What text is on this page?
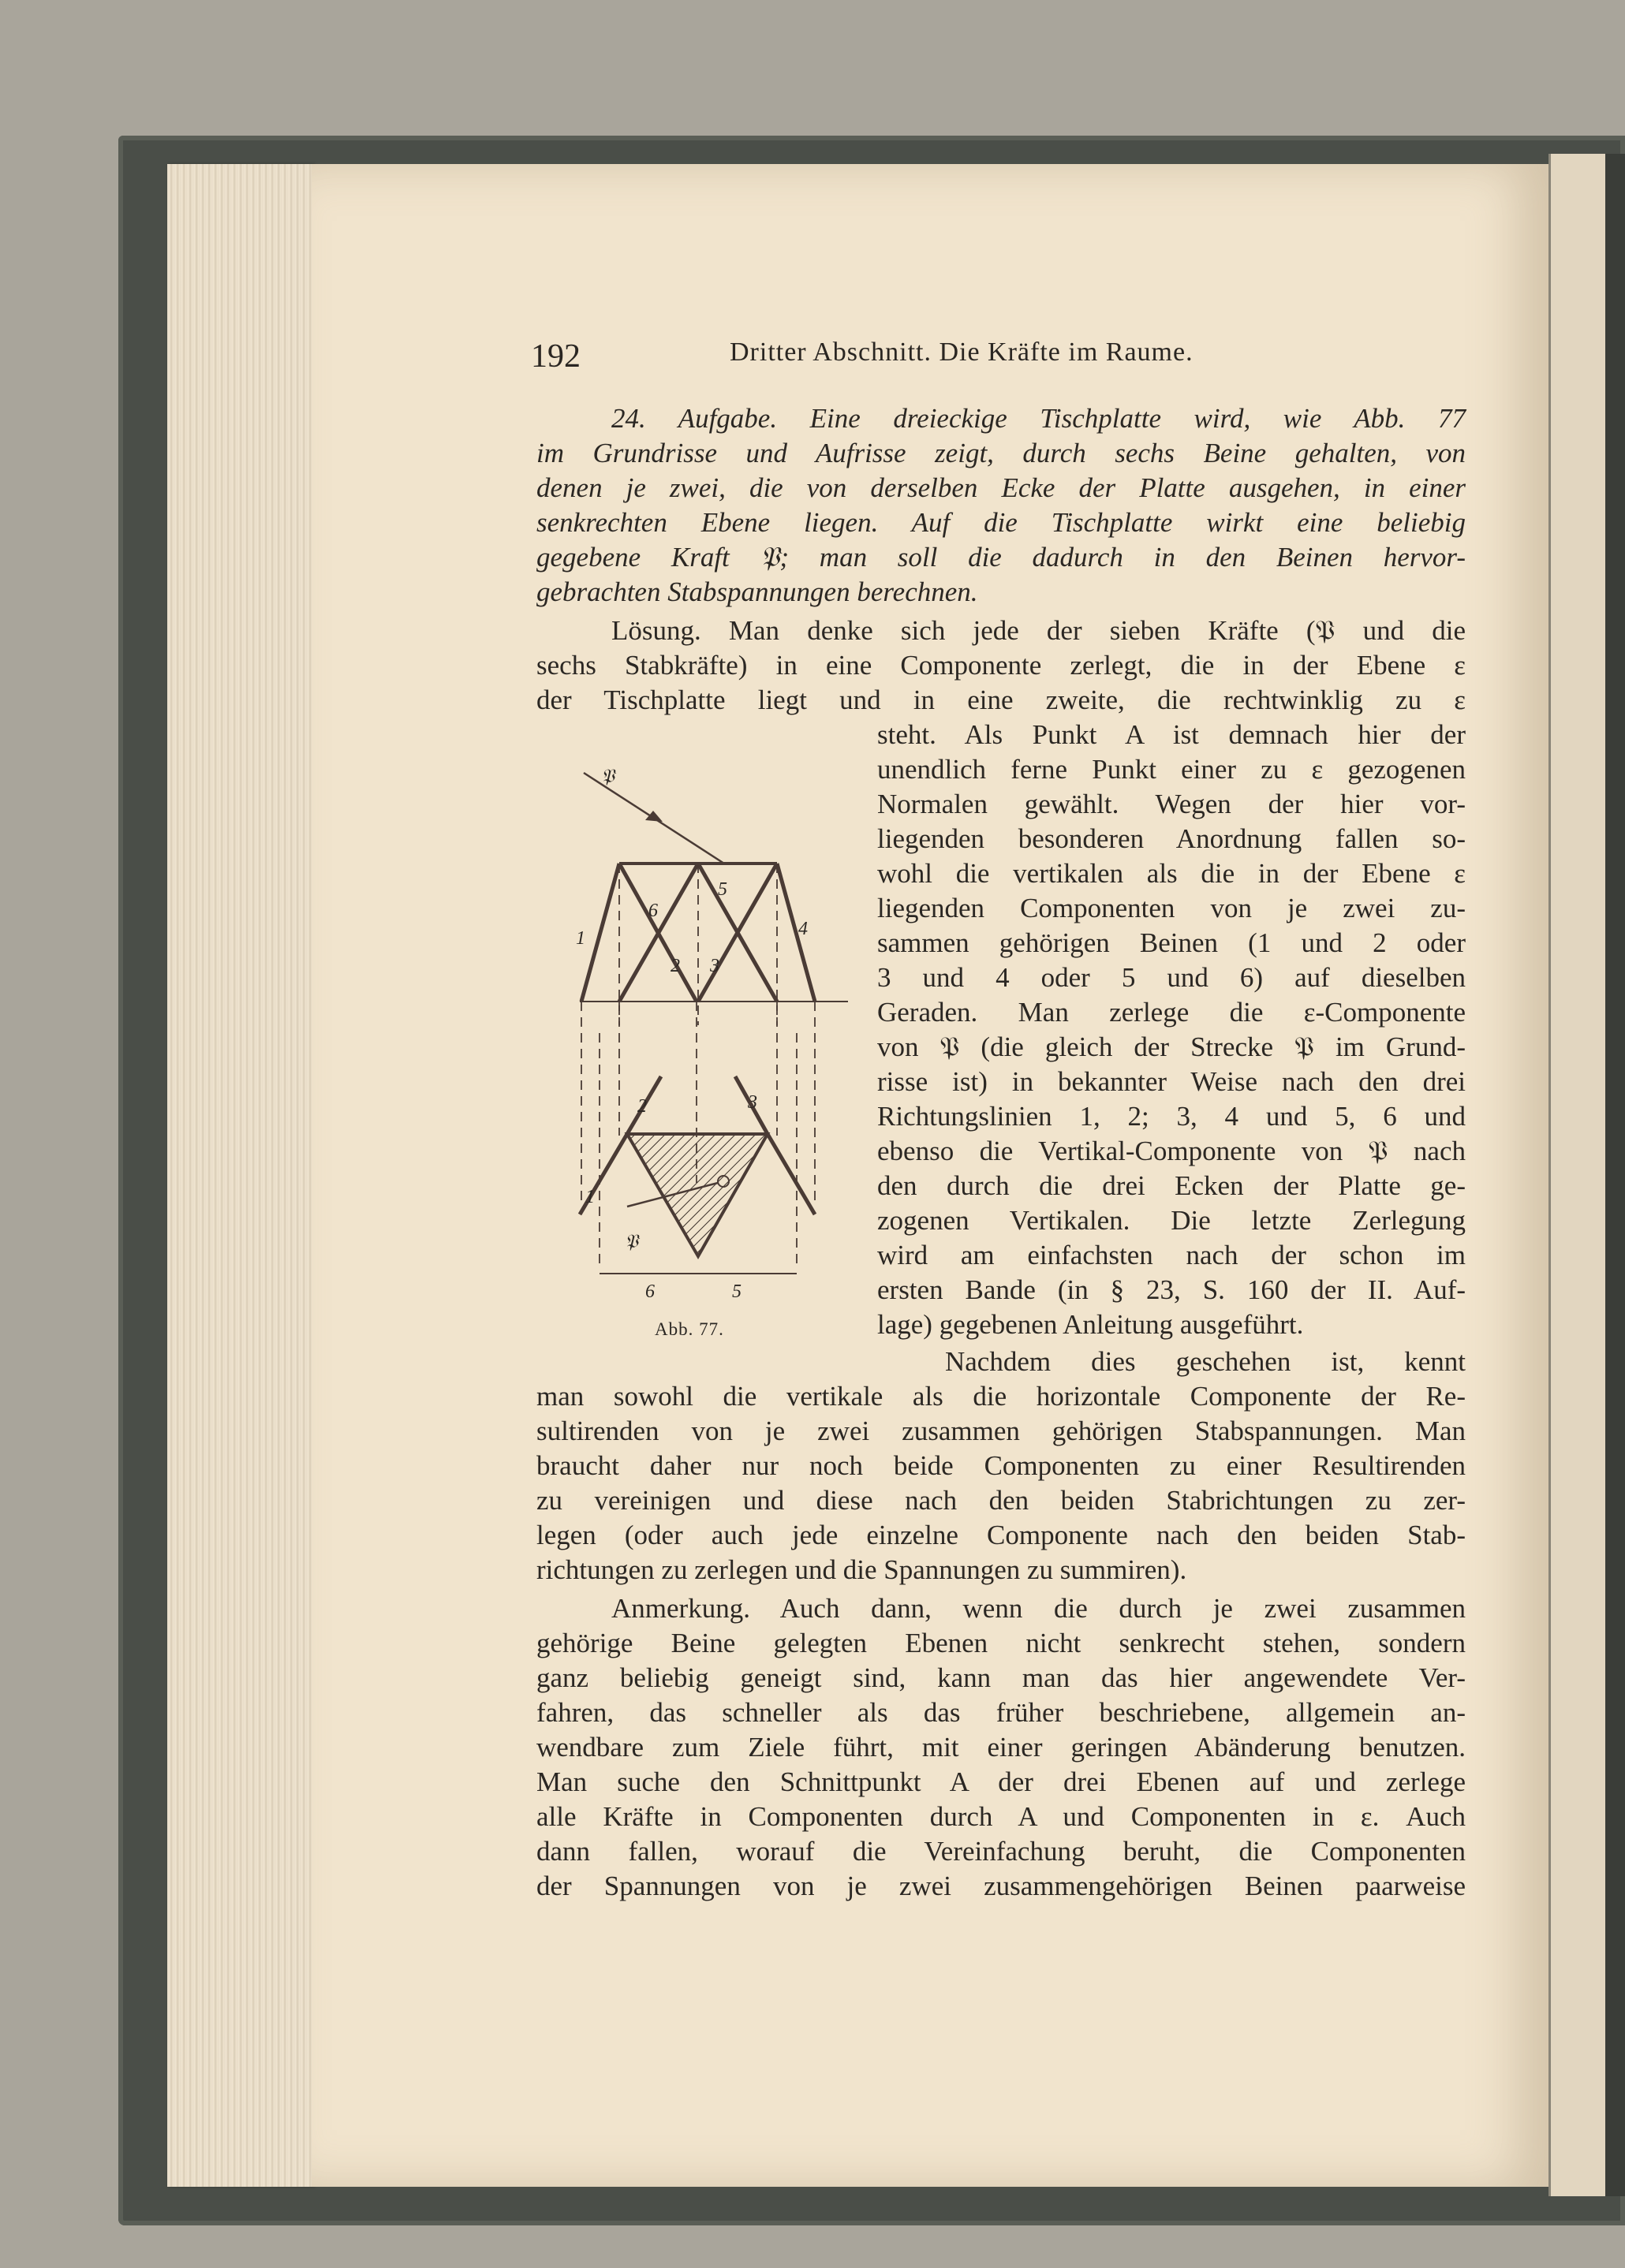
192	Dritter Abschnitt. Die Kräfte im Raume.
24. Aufgabe. Eine dreieckige Tischplatte wird, wie Abb. 77
im Grundrisse und Aufrisse zeigt, durch sechs Beine gehalten, von
denen je zwei, die von derselben Ecke der Platte ausgehen, in einer
senkrechten Ebene liegen. Auf die Tischplatte wirkt eine beliebig
gegebene Kraft 𝔓; man soll die dadurch in den Beinen hervor-
gebrachten Stabspannungen berechnen.
Lösung. Man denke sich jede der sieben Kräfte (𝔓 und die
sechs Stabkräfte) in eine Componente zerlegt, die in der Ebene ε
der Tischplatte liegt und in eine zweite, die rechtwinklig zu ε
steht. Als Punkt A ist demnach hier der
unendlich ferne Punkt einer zu ε gezogenen
Normalen gewählt. Wegen der hier vor-
liegenden besonderen Anordnung fallen so-
wohl die vertikalen als die in der Ebene ε
liegenden Componenten von je zwei zu-
sammen gehörigen Beinen (1 und 2 oder
3 und 4 oder 5 und 6) auf dieselben
Geraden. Man zerlege die ε-Componente
von 𝔓 (die gleich der Strecke 𝔓 im Grund-
risse ist) in bekannter Weise nach den drei
Richtungslinien 1, 2; 3, 4 und 5, 6 und
ebenso die Vertikal-Componente von 𝔓 nach
den durch die drei Ecken der Platte ge-
zogenen Vertikalen. Die letzte Zerlegung
wird am einfachsten nach der schon im
ersten Bande (in § 23, S. 160 der II. Auf-
lage) gegebenen Anleitung ausgeführt.
Nachdem dies geschehen ist, kennt
man sowohl die vertikale als die horizontale Componente der Re-
sultirenden von je zwei zusammen gehörigen Stabspannungen. Man
braucht daher nur noch beide Componenten zu einer Resultirenden
zu vereinigen und diese nach den beiden Stabrichtungen zu zer-
legen (oder auch jede einzelne Componente nach den beiden Stab-
richtungen zu zerlegen und die Spannungen zu summiren).
Anmerkung. Auch dann, wenn die durch je zwei zusammen
gehörige Beine gelegten Ebenen nicht senkrecht stehen, sondern
ganz beliebig geneigt sind, kann man das hier angewendete Ver-
fahren, das schneller als das früher beschriebene, allgemein an-
wendbare zum Ziele führt, mit einer geringen Abänderung benutzen.
Man suche den Schnittpunkt A der drei Ebenen auf und zerlege
alle Kräfte in Componenten durch A und Componenten in ε. Auch
dann fallen, worauf die Vereinfachung beruht, die Componenten
der Spannungen von je zwei zusammengehörigen Beinen paarweise
𝔓
1
2 3
4
5
6
2	3
1
𝔓
6	5
Abb. 77.
